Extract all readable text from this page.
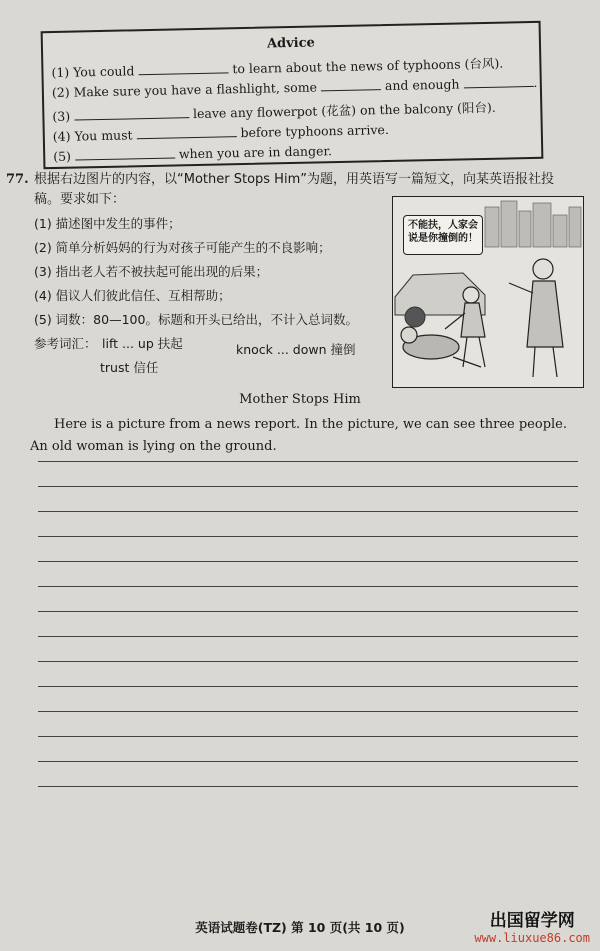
Advice
(1) You could	to learn about the news of typhoons (台风).
(2) Make sure you have a flashlight, some	and enough	.
(3)	leave any flowerpot (花盆) on the balcony (阳台).
(4) You must	before typhoons arrive.
(5)	when you are in danger.
77. 根据右边图片的内容，以“Mother Stops Him”为题，用英语写一篇短文，向某英语报社投稿。要求如下：
(1) 描述图中发生的事件；
(2) 简单分析妈妈的行为对孩子可能产生的不良影响；
(3) 指出老人若不被扶起可能出现的后果；
(4) 倡议人们彼此信任、互相帮助；
(5) 词数：80—100。标题和开头已给出，不计入总词数。
参考词汇： lift ... up 扶起	knock ... down 撞倒
trust 信任
不能扶，人家会说是你撞倒的！
Mother Stops Him
Here is a picture from a news report. In the picture, we can see three people. An old woman is lying on the ground.
英语试题卷(TZ) 第 10 页(共 10 页)	出国留学网
www.liuxue86.com
